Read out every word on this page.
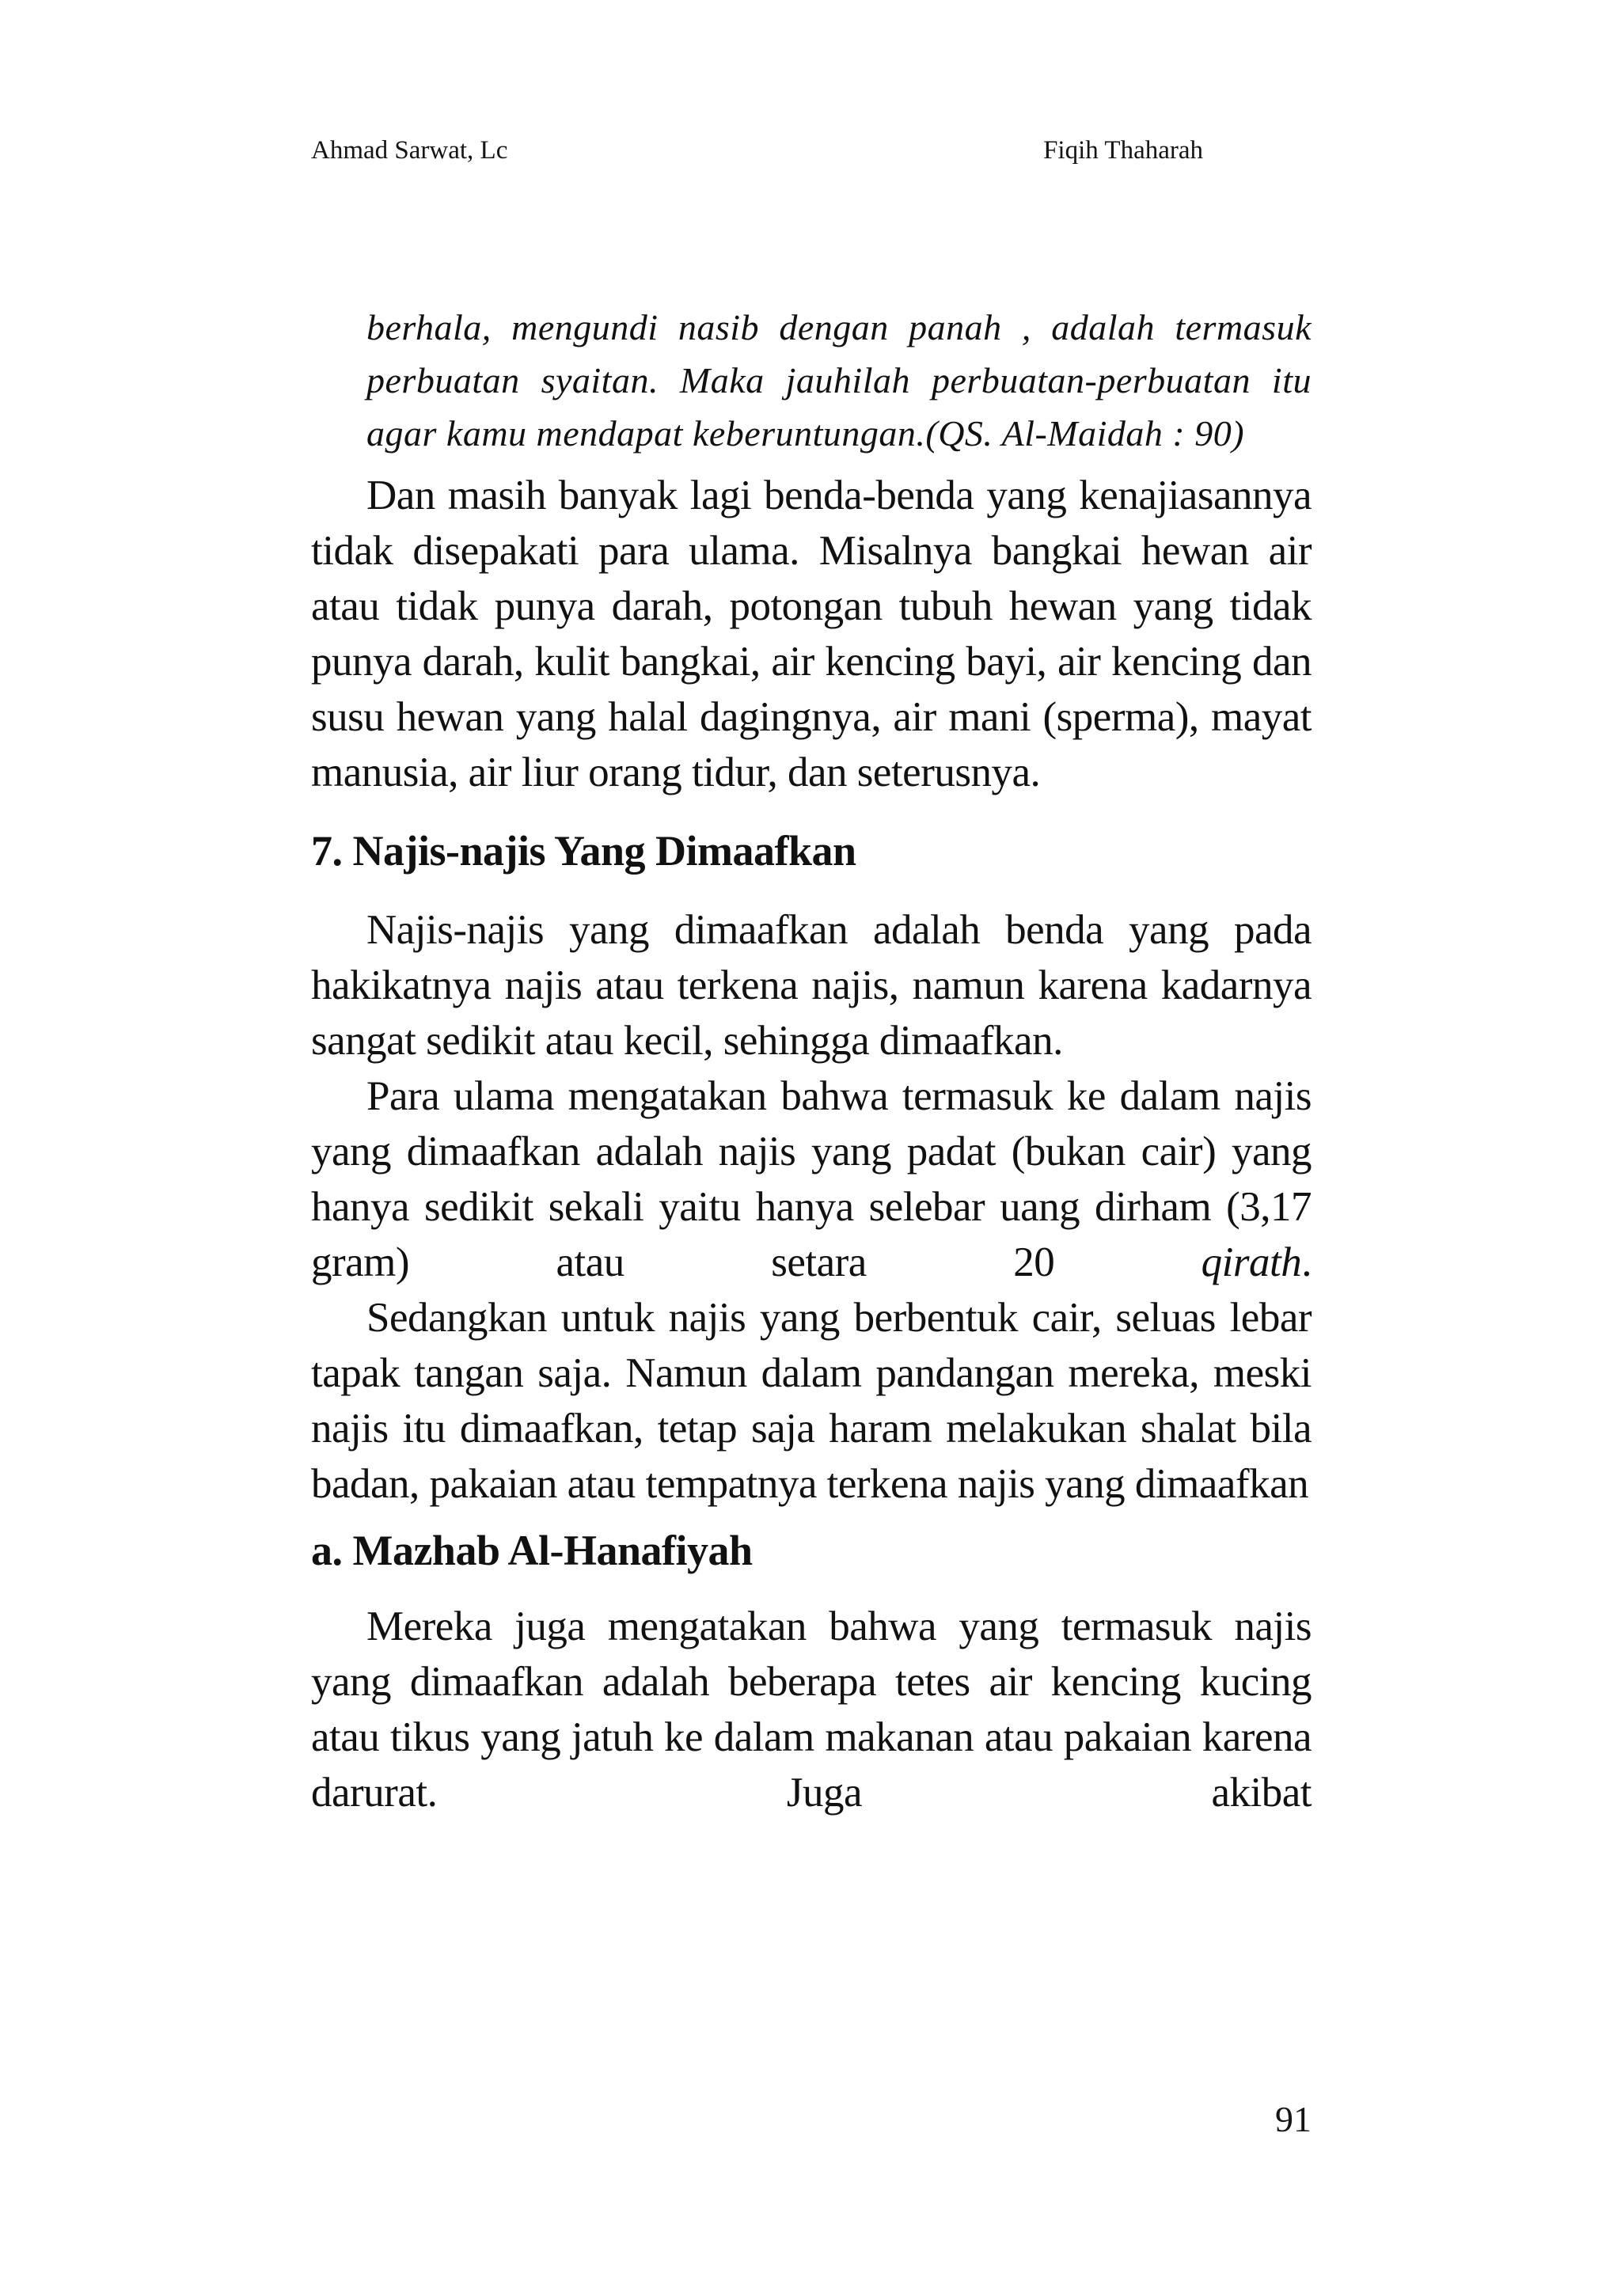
Ahmad Sarwat, Lc	Fiqih Thaharah

berhala, mengundi nasib dengan panah , adalah termasuk perbuatan syaitan. Maka jauhilah perbuatan-perbuatan itu agar kamu mendapat keberuntungan.(QS. Al-Maidah : 90)

Dan masih banyak lagi benda-benda yang kenajiasannya tidak disepakati para ulama. Misalnya bangkai hewan air atau tidak punya darah, potongan tubuh hewan yang tidak punya darah, kulit bangkai, air kencing bayi, air kencing dan susu hewan yang halal dagingnya, air mani (sperma), mayat manusia, air liur orang tidur, dan seterusnya.

7. Najis-najis Yang Dimaafkan

Najis-najis yang dimaafkan adalah benda yang pada hakikatnya najis atau terkena najis, namun karena kadarnya sangat sedikit atau kecil, sehingga dimaafkan.

Para ulama mengatakan bahwa termasuk ke dalam najis yang dimaafkan adalah najis yang padat (bukan cair) yang hanya sedikit sekali yaitu hanya selebar uang dirham (3,17 gram) atau setara 20 qirath.

Sedangkan untuk najis yang berbentuk cair, seluas lebar tapak tangan saja. Namun dalam pandangan mereka, meski najis itu dimaafkan, tetap saja haram melakukan shalat bila badan, pakaian atau tempatnya terkena najis yang dimaafkan

a. Mazhab Al-Hanafiyah

Mereka juga mengatakan bahwa yang termasuk najis yang dimaafkan adalah beberapa tetes air kencing kucing atau tikus yang jatuh ke dalam makanan atau pakaian karena darurat. Juga akibat

91
